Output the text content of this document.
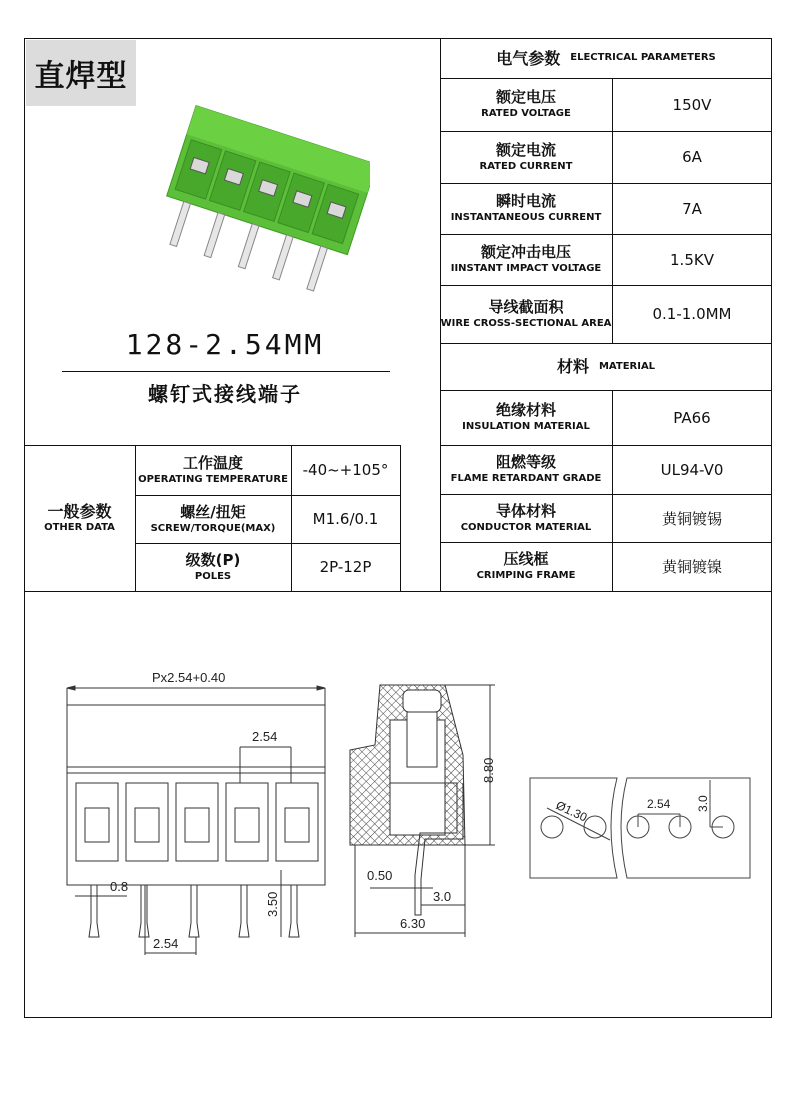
直焊型
128-2.54MM
螺钉式接线端子
电气参数 ELECTRICAL PARAMETERS
额定电压
RATED VOLTAGE	150V
额定电流
RATED CURRENT	6A
瞬时电流
INSTANTANEOUS CURRENT	7A
额定冲击电压
IINSTANT IMPACT VOLTAGE	1.5KV
导线截面积
WIRE CROSS-SECTIONAL AREA	0.1-1.0MM
材料 MATERIAL
绝缘材料
INSULATION MATERIAL	PA66
阻燃等级
FLAME RETARDANT GRADE	UL94-V0
导体材料
CONDUCTOR MATERIAL	黄铜镀锡
压线框
CRIMPING FRAME	黄铜镀镍
一般参数
OTHER DATA
工作温度
OPERATING TEMPERATURE -40~+105°
螺丝/扭矩
SCREW/TORQUE(MAX)	M1.6/0.1
级数(P)
POLES	2P-12P
Px2.54+0.40
2.54
0.8
2.54
3.50
8.80
0.50
3.0
6.30
Ø1.30	2.54 3.0
